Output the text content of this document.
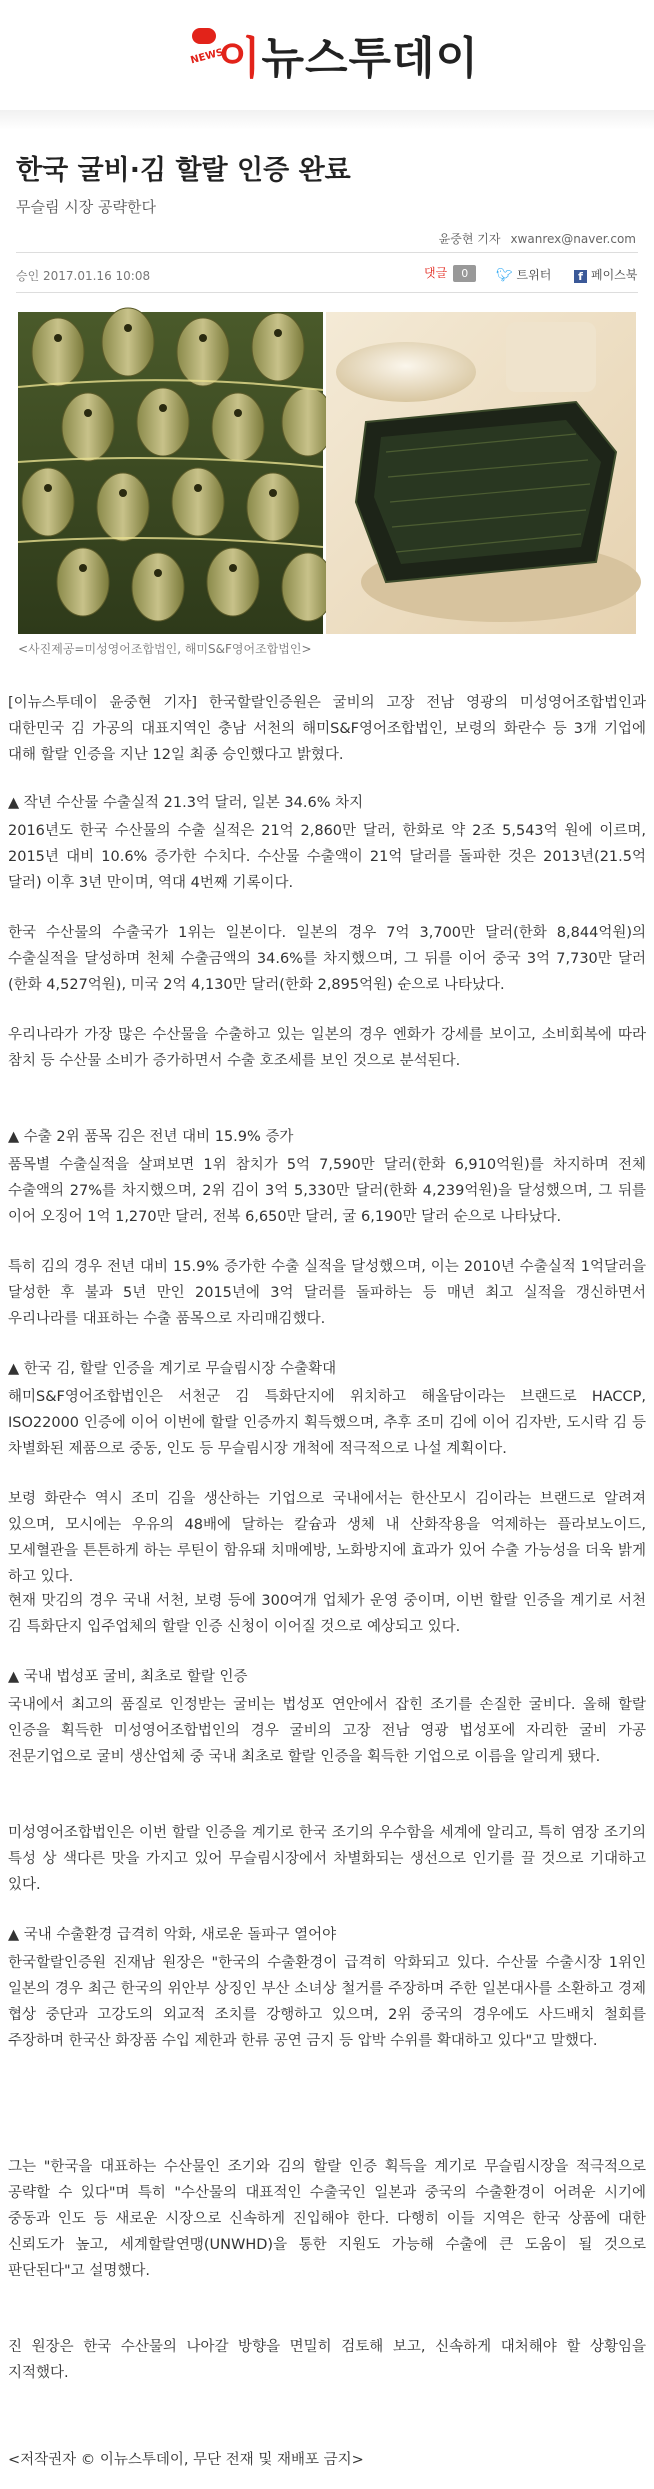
NEWS
이뉴스투데이
한국 굴비·김 할랄 인증 완료
무슬림 시장 공략한다
윤중현 기자 xwanrex@naver.com
승인 2017.01.16 10:08	댓글 0	🐦︎ 트위터	f 페이스북
<사진제공=미성영어조합법인, 해미S&F영어조합법인>
[이뉴스투데이 윤중현 기자] 한국할랄인증원은 굴비의 고장 전남 영광의 미성영어조합법인과 대한민국 김 가공의 대표지역인 충남 서천의 해미S&F영어조합법인, 보령의 화란수 등 3개 기업에 대해 할랄 인증을 지난 12일 최종 승인했다고 밝혔다.
▲ 작년 수산물 수출실적 21.3억 달러, 일본 34.6% 차지
2016년도 한국 수산물의 수출 실적은 21억 2,860만 달러, 한화로 약 2조 5,543억 원에 이르며, 2015년 대비 10.6% 증가한 수치다. 수산물 수출액이 21억 달러를 돌파한 것은 2013년(21.5억 달러) 이후 3년 만이며, 역대 4번째 기록이다.
한국 수산물의 수출국가 1위는 일본이다. 일본의 경우 7억 3,700만 달러(한화 8,844억원)의 수출실적을 달성하며 천체 수출금액의 34.6%를 차지했으며, 그 뒤를 이어 중국 3억 7,730만 달러(한화 4,527억원), 미국 2억 4,130만 달러(한화 2,895억원) 순으로 나타났다.
우리나라가 가장 많은 수산물을 수출하고 있는 일본의 경우 엔화가 강세를 보이고, 소비회복에 따라 참치 등 수산물 소비가 증가하면서 수출 호조세를 보인 것으로 분석된다.
▲ 수출 2위 품목 김은 전년 대비 15.9% 증가
품목별 수출실적을 살펴보면 1위 참치가 5억 7,590만 달러(한화 6,910억원)를 차지하며 전체 수출액의 27%를 차지했으며, 2위 김이 3억 5,330만 달러(한화 4,239억원)을 달성했으며, 그 뒤를 이어 오징어 1억 1,270만 달러, 전복 6,650만 달러, 굴 6,190만 달러 순으로 나타났다.
특히 김의 경우 전년 대비 15.9% 증가한 수출 실적을 달성했으며, 이는 2010년 수출실적 1억달러을 달성한 후 불과 5년 만인 2015년에 3억 달러를 돌파하는 등 매년 최고 실적을 갱신하면서 우리나라를 대표하는 수출 품목으로 자리매김했다.
▲ 한국 김, 할랄 인증을 계기로 무슬림시장 수출확대
해미S&F영어조합법인은 서천군 김 특화단지에 위치하고 해올담이라는 브랜드로 HACCP, ISO22000 인증에 이어 이번에 할랄 인증까지 획득했으며, 추후 조미 김에 이어 김자반, 도시락 김 등 차별화된 제품으로 중동, 인도 등 무슬림시장 개척에 적극적으로 나설 계획이다.
보령 화란수 역시 조미 김을 생산하는 기업으로 국내에서는 한산모시 김이라는 브랜드로 알려져 있으며, 모시에는 우유의 48배에 달하는 칼슘과 생체 내 산화작용을 억제하는 플라보노이드, 모세혈관을 튼튼하게 하는 루틴이 함유돼 치매예방, 노화방지에 효과가 있어 수출 가능성을 더욱 밝게 하고 있다.
현재 맛김의 경우 국내 서천, 보령 등에 300여개 업체가 운영 중이며, 이번 할랄 인증을 계기로 서천 김 특화단지 입주업체의 할랄 인증 신청이 이어질 것으로 예상되고 있다.
▲ 국내 법성포 굴비, 최초로 할랄 인증
국내에서 최고의 품질로 인정받는 굴비는 법성포 연안에서 잡힌 조기를 손질한 굴비다. 올해 할랄 인증을 획득한 미성영어조합법인의 경우 굴비의 고장 전남 영광 법성포에 자리한 굴비 가공 전문기업으로 굴비 생산업체 중 국내 최초로 할랄 인증을 획득한 기업으로 이름을 알리게 됐다.
미성영어조합법인은 이번 할랄 인증을 계기로 한국 조기의 우수함을 세계에 알리고, 특히 염장 조기의 특성 상 색다른 맛을 가지고 있어 무슬림시장에서 차별화되는 생선으로 인기를 끌 것으로 기대하고 있다.
▲ 국내 수출환경 급격히 악화, 새로운 돌파구 열어야
한국할랄인증원 진재남 원장은 "한국의 수출환경이 급격히 악화되고 있다. 수산물 수출시장 1위인 일본의 경우 최근 한국의 위안부 상징인 부산 소녀상 철거를 주장하며 주한 일본대사를 소환하고 경제 협상 중단과 고강도의 외교적 조치를 강행하고 있으며, 2위 중국의 경우에도 사드배치 철회를 주장하며 한국산 화장품 수입 제한과 한류 공연 금지 등 압박 수위를 확대하고 있다"고 말했다.
그는 "한국을 대표하는 수산물인 조기와 김의 할랄 인증 획득을 계기로 무슬림시장을 적극적으로 공략할 수 있다"며 특히 "수산물의 대표적인 수출국인 일본과 중국의 수출환경이 어려운 시기에 중동과 인도 등 새로운 시장으로 신속하게 진입해야 한다. 다행히 이들 지역은 한국 상품에 대한 신뢰도가 높고, 세계할랄연맹(UNWHD)을 통한 지원도 가능해 수출에 큰 도움이 될 것으로 판단된다"고 설명했다.
진 원장은 한국 수산물의 나아갈 방향을 면밀히 검토해 보고, 신속하게 대처해야 할 상황임을 지적했다.
<저작권자 © 이뉴스투데이, 무단 전재 및 재배포 금지>
